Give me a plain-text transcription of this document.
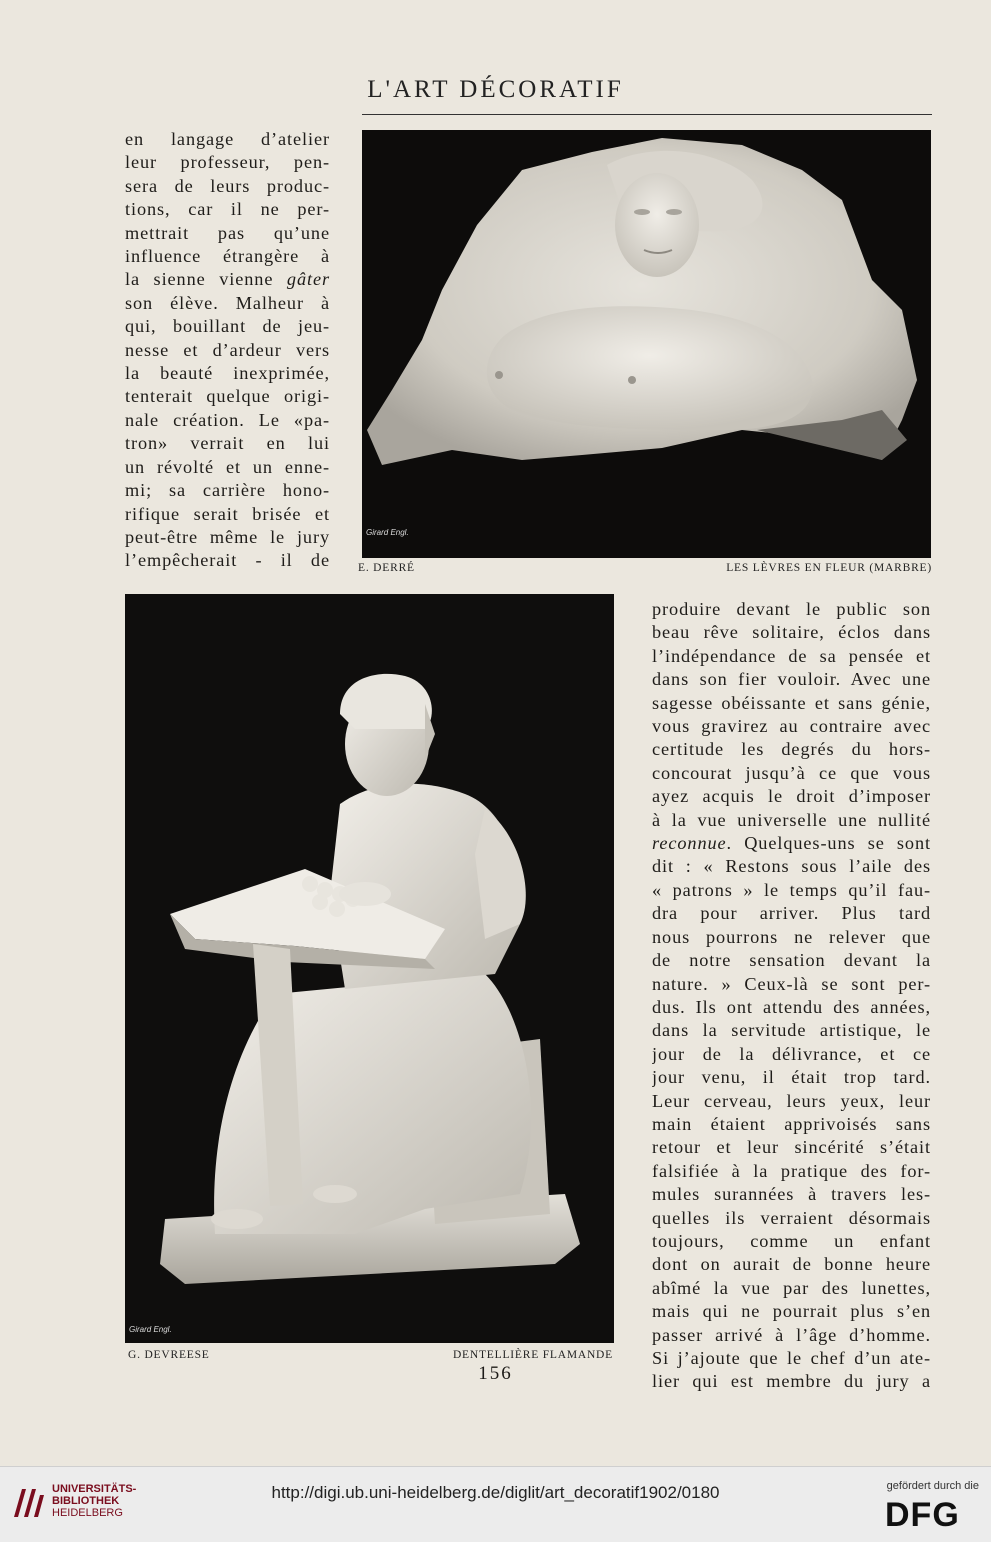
L'ART DÉCORATIF
en langage d’atelier
leur professeur, pen-
sera de leurs produc-
tions, car il ne per-
mettrait pas qu’une
influence étrangère à
la sienne vienne gâter
son élève. Malheur à
qui, bouillant de jeu-
nesse et d’ardeur vers
la beauté inexprimée,
tenterait quelque origi-
nale création. Le «pa-
tron» verrait en lui
un révolté et un enne-
mi; sa carrière hono-
rifique serait brisée et
peut-être même le jury
l’empêcherait - il de
Girard Engl.
E. DERRÉ	LES LÈVRES EN FLEUR (MARBRE)
Girard Engl.
G. DEVREESE	DENTELLIÈRE FLAMANDE
produire devant le public son
beau rêve solitaire, éclos dans
l’indépendance de sa pensée et
dans son fier vouloir. Avec une
sagesse obéissante et sans génie,
vous gravirez au contraire avec
certitude les degrés du hors-
concourat jusqu’à ce que vous
ayez acquis le droit d’imposer
à la vue universelle une nullité
reconnue. Quelques-uns se sont
dit : « Restons sous l’aile des
« patrons » le temps qu’il fau-
dra pour arriver. Plus tard
nous pourrons ne relever que
de notre sensation devant la
nature. » Ceux-là se sont per-
dus. Ils ont attendu des années,
dans la servitude artistique, le
jour de la délivrance, et ce
jour venu, il était trop tard.
Leur cerveau, leurs yeux, leur
main étaient apprivoisés sans
retour et leur sincérité s’était
falsifiée à la pratique des for-
mules surannées à travers les-
quelles ils verraient désormais
toujours, comme un enfant
dont on aurait de bonne heure
abîmé la vue par des lunettes,
mais qui ne pourrait plus s’en
passer arrivé à l’âge d’homme.
Si j’ajoute que le chef d’un ate-
lier qui est membre du jury a
156
UNIVERSITÄTS-
BIBLIOTHEK
HEIDELBERG
http://digi.ub.uni-heidelberg.de/diglit/art_decoratif1902/0180	gefördert durch die
DFG
